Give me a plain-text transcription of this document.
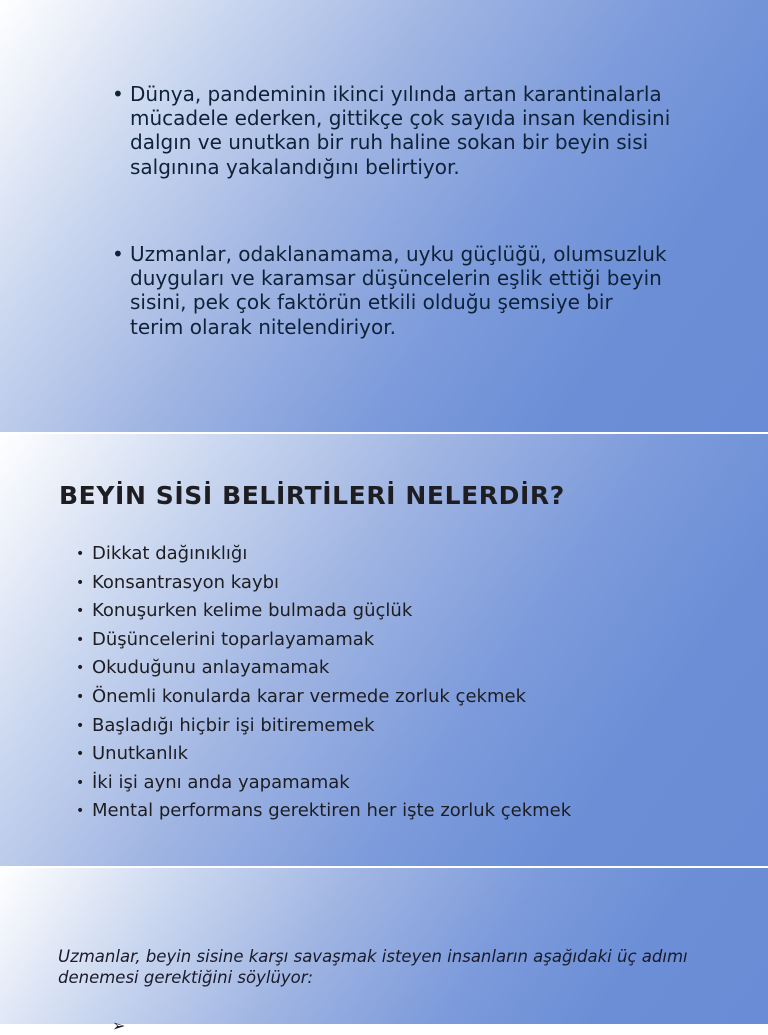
• Dünya, pandeminin ikinci yılında artan karantinalarla mücadele ederken, gittikçe çok sayıda insan kendisini dalgın ve unutkan bir ruh haline sokan bir beyin sisi salgınına yakalandığını belirtiyor.
• Uzmanlar, odaklanamama, uyku güçlüğü, olumsuzluk duyguları ve karamsar düşüncelerin eşlik ettiği beyin sisini, pek çok faktörün etkili olduğu şemsiye bir terim olarak nitelendiriyor.
BEYİN SİSİ BELİRTİLERİ NELERDİR?
• Dikkat dağınıklığı
• Konsantrasyon kaybı
• Konuşurken kelime bulmada güçlük
• Düşüncelerini toparlayamamak
• Okuduğunu anlayamamak
• Önemli konularda karar vermede zorluk çekmek
• Başladığı hiçbir işi bitirememek
• Unutkanlık
• İki işi aynı anda yapamamak
• Mental performans gerektiren her işte zorluk çekmek
Uzmanlar, beyin sisine karşı savaşmak isteyen insanların aşağıdaki üç adımı denemesi gerektiğini söylüyor:
➢
